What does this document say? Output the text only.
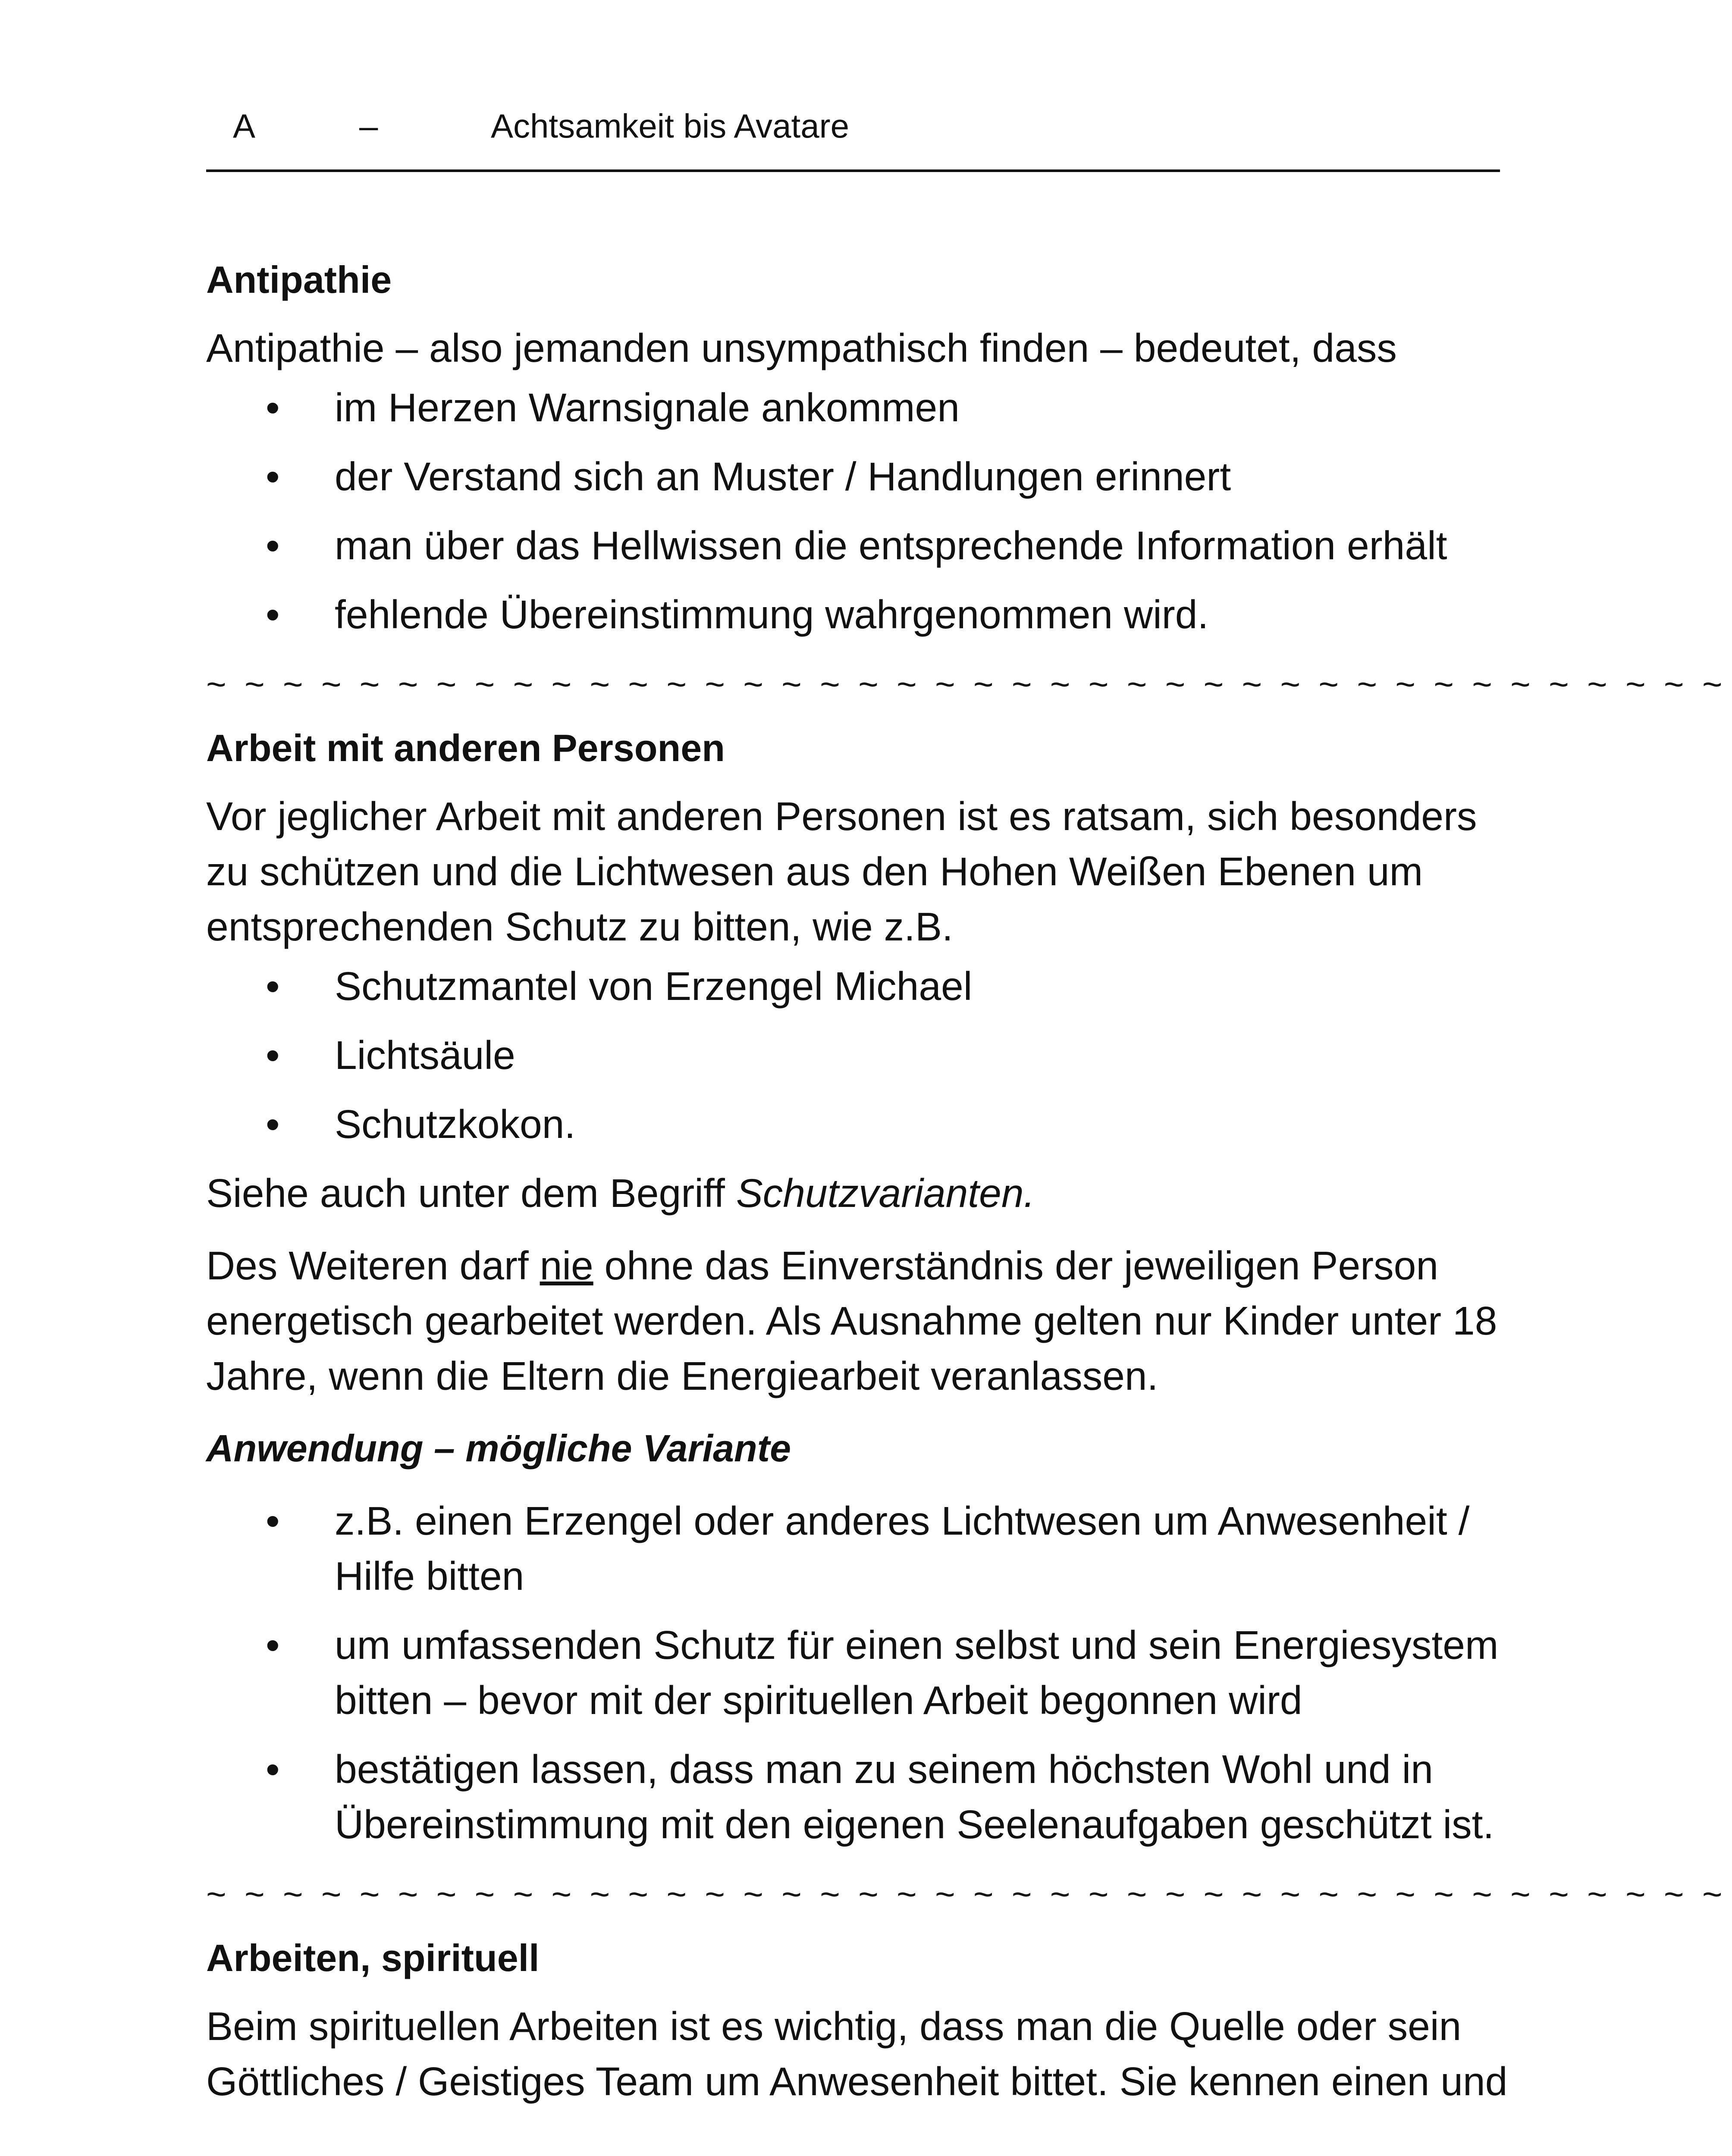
A	–	Achtsamkeit bis Avatare
Antipathie
Antipathie – also jemanden unsympathisch finden – bedeutet, dass
• im Herzen Warnsignale ankommen
• der Verstand sich an Muster / Handlungen erinnert
• man über das Hellwissen die entsprechende Information erhält
• fehlende Übereinstimmung wahrgenommen wird.
~ ~ ~ ~ ~ ~ ~ ~ ~ ~ ~ ~ ~ ~ ~ ~ ~ ~ ~ ~ ~ ~ ~ ~ ~ ~ ~ ~ ~ ~ ~ ~ ~ ~ ~ ~ ~ ~ ~ ~
Arbeit mit anderen Personen
Vor jeglicher Arbeit mit anderen Personen ist es ratsam, sich besonders zu schützen und die Lichtwesen aus den Hohen Weißen Ebenen um entsprechenden Schutz zu bitten, wie z.B.
• Schutzmantel von Erzengel Michael
• Lichtsäule
• Schutzkokon.
Siehe auch unter dem Begriff Schutzvarianten.
Des Weiteren darf nie ohne das Einverständnis der jeweiligen Person energetisch gearbeitet werden. Als Ausnahme gelten nur Kinder unter 18 Jahre, wenn die Eltern die Energiearbeit veranlassen.
Anwendung – mögliche Variante
• z.B. einen Erzengel oder anderes Lichtwesen um Anwesenheit / Hilfe bitten
• um umfassenden Schutz für einen selbst und sein Energiesystem bitten – bevor mit der spirituellen Arbeit begonnen wird
• bestätigen lassen, dass man zu seinem höchsten Wohl und in Übereinstimmung mit den eigenen Seelenaufgaben geschützt ist.
~ ~ ~ ~ ~ ~ ~ ~ ~ ~ ~ ~ ~ ~ ~ ~ ~ ~ ~ ~ ~ ~ ~ ~ ~ ~ ~ ~ ~ ~ ~ ~ ~ ~ ~ ~ ~ ~ ~ ~
Arbeiten, spirituell
Beim spirituellen Arbeiten ist es wichtig, dass man die Quelle oder sein Göttliches / Geistiges Team um Anwesenheit bittet. Sie kennen einen und
